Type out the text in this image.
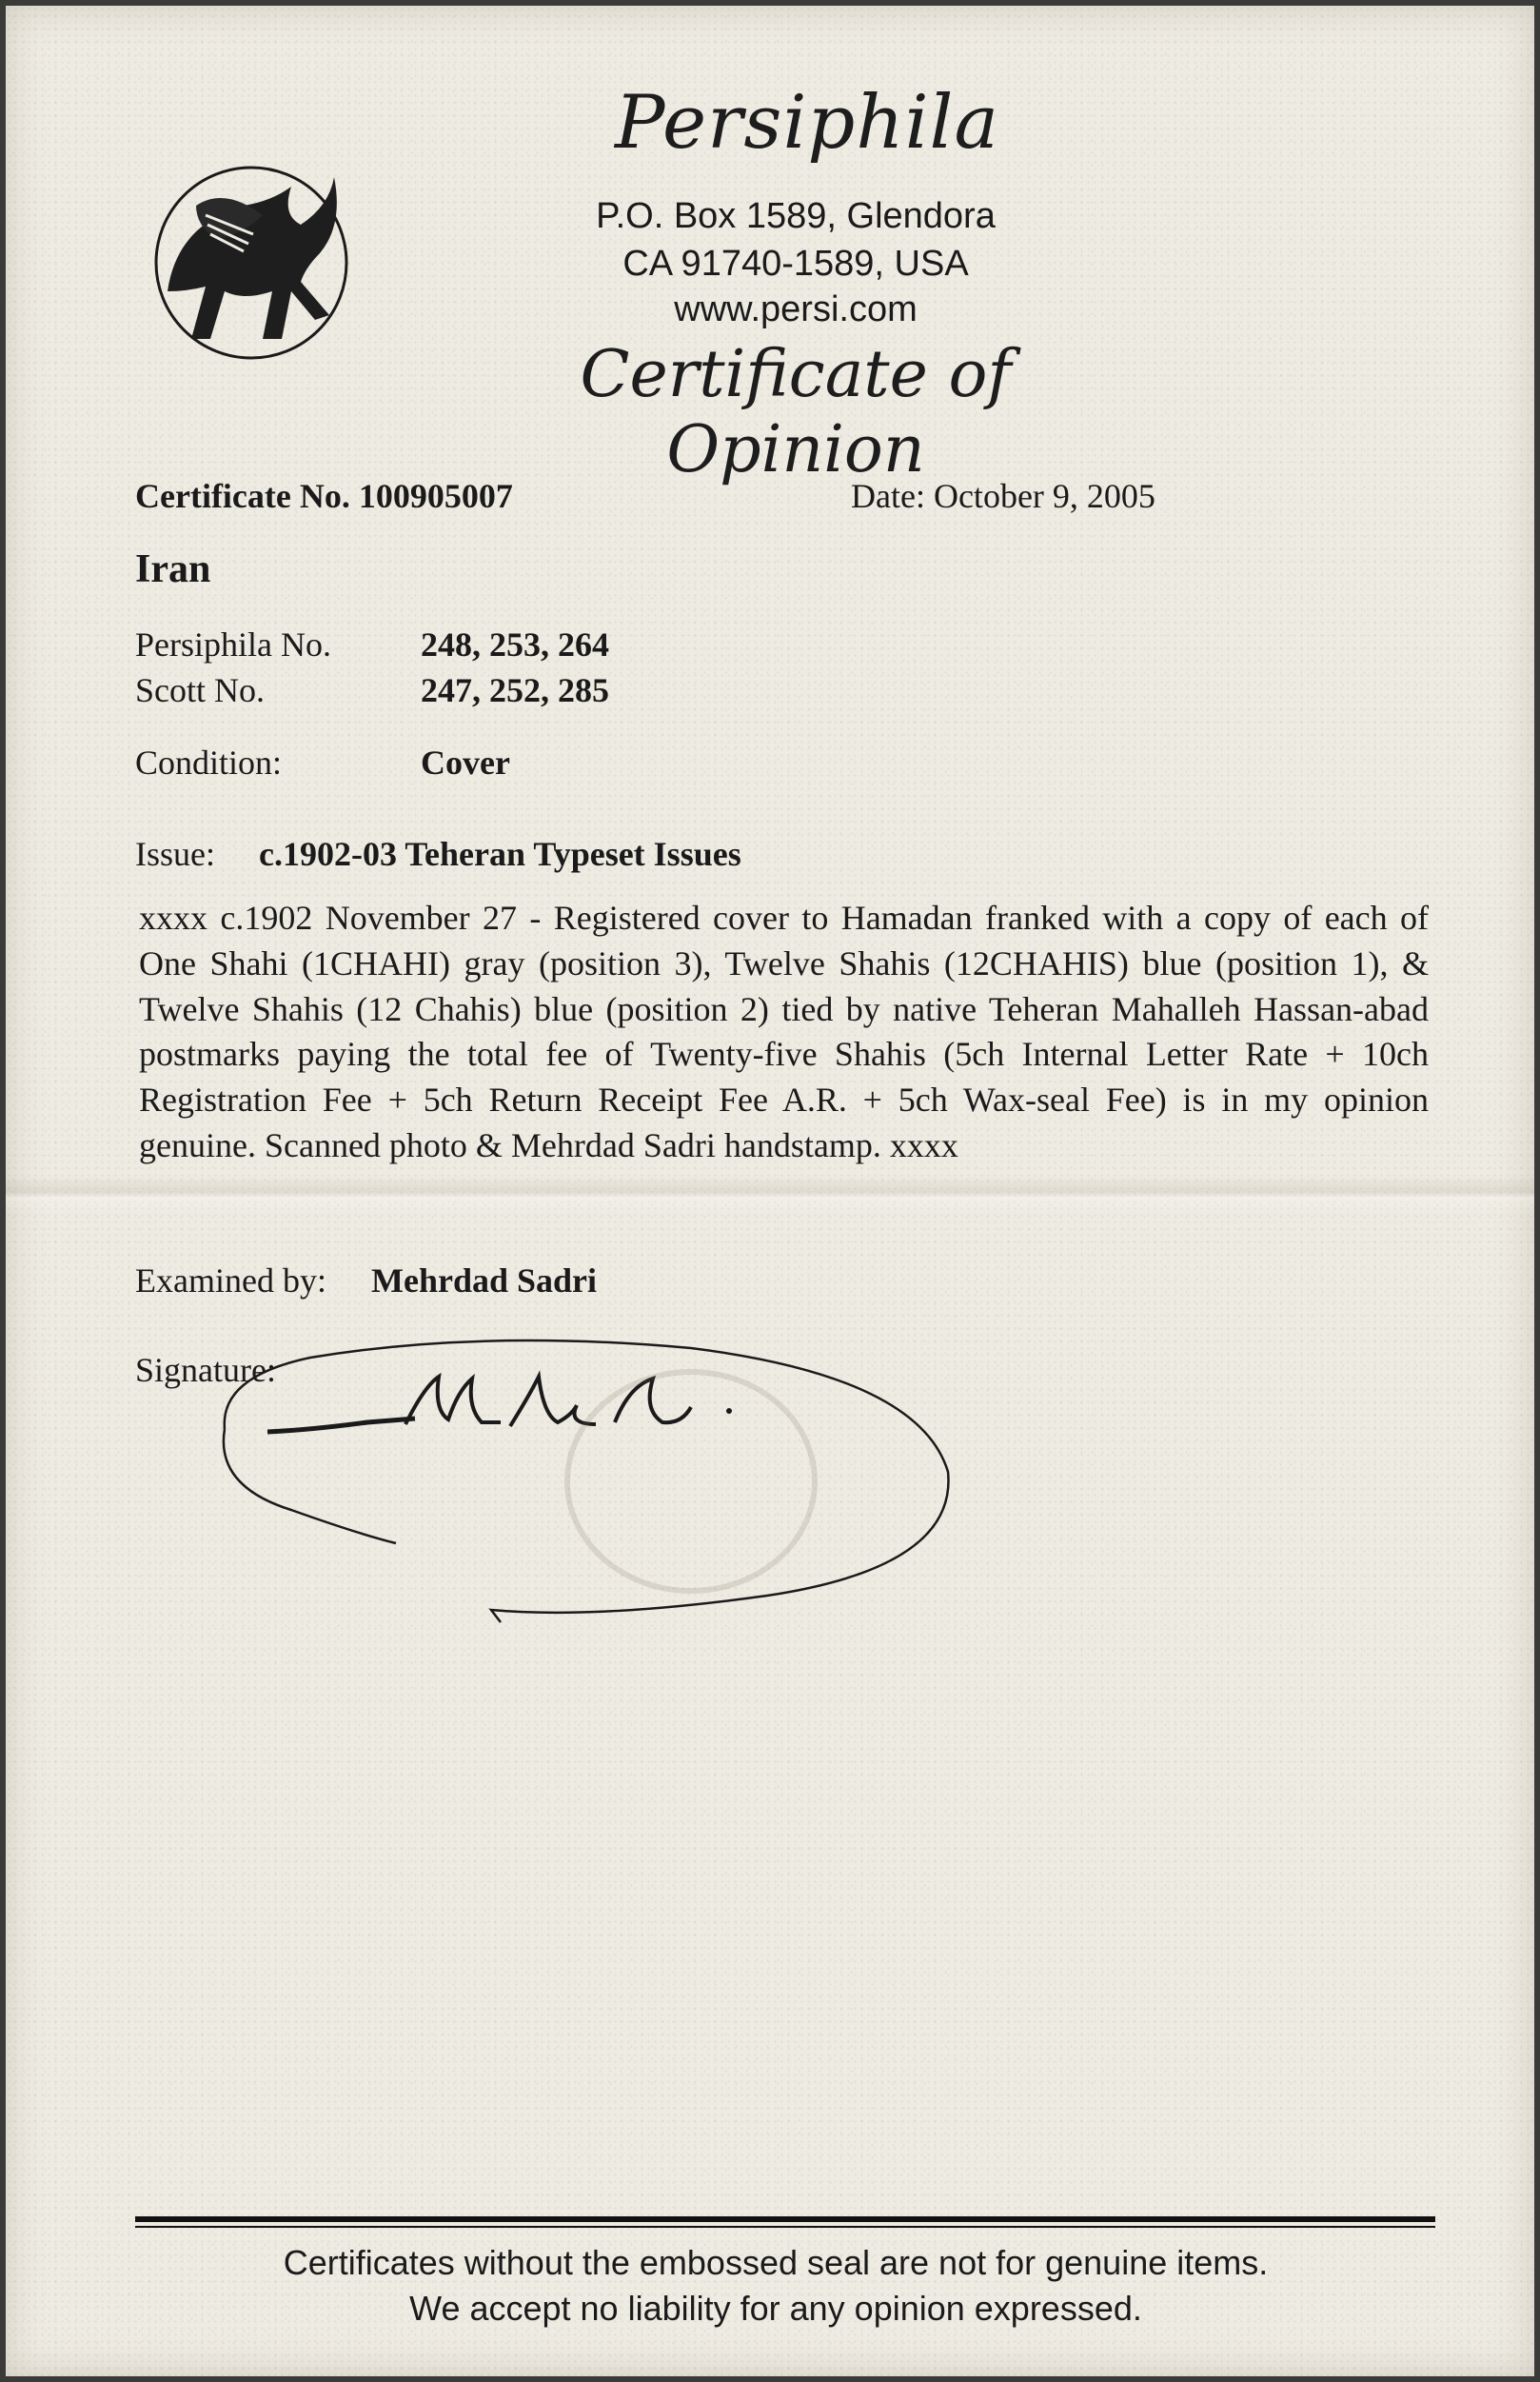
Persiphila
P.O. Box 1589, Glendora
CA 91740-1589, USA
www.persi.com
Certificate of Opinion
Certificate No. 100905007	Date: October 9, 2005
Iran
Persiphila No.	248, 253, 264
Scott No.	247, 252, 285
Condition:	Cover
Issue: c.1902-03 Teheran Typeset Issues
xxxx c.1902 November 27 - Registered cover to Hamadan franked with a copy of each of One Shahi (1CHAHI) gray (position 3), Twelve Shahis (12CHAHIS) blue (position 1), & Twelve Shahis (12 Chahis) blue (position 2) tied by native Teheran Mahalleh Hassan-abad postmarks paying the total fee of Twenty-five Shahis (5ch Internal Letter Rate + 10ch Registration Fee + 5ch Return Receipt Fee A.R. + 5ch Wax-seal Fee) is in my opinion genuine. Scanned photo & Mehrdad Sadri handstamp. xxxx
Examined by: Mehrdad Sadri
Signature:
Certificates without the embossed seal are not for genuine items.
We accept no liability for any opinion expressed.
